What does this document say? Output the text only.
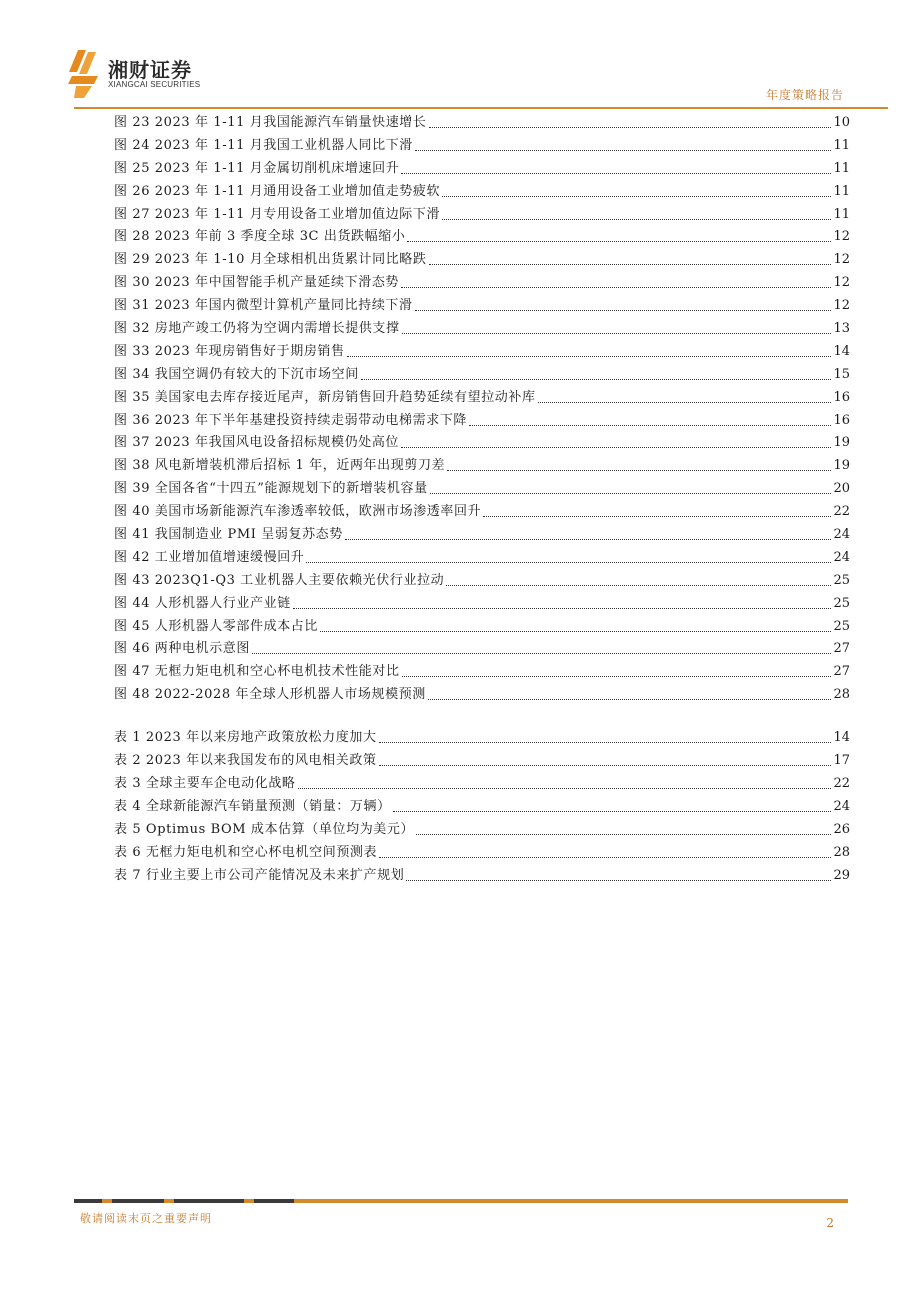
湘财证券
XIANGCAI SECURITIES
年度策略报告
图 23 2023 年 1-11 月我国能源汽车销量快速增长	10
图 24 2023 年 1-11 月我国工业机器人同比下滑	11
图 25 2023 年 1-11 月金属切削机床增速回升	11
图 26 2023 年 1-11 月通用设备工业增加值走势疲软	11
图 27 2023 年 1-11 月专用设备工业增加值边际下滑	11
图 28 2023 年前 3 季度全球 3C 出货跌幅缩小	12
图 29 2023 年 1-10 月全球相机出货累计同比略跌	12
图 30 2023 年中国智能手机产量延续下滑态势	12
图 31 2023 年国内微型计算机产量同比持续下滑	12
图 32 房地产竣工仍将为空调内需增长提供支撑	13
图 33 2023 年现房销售好于期房销售	14
图 34 我国空调仍有较大的下沉市场空间	15
图 35 美国家电去库存接近尾声，新房销售回升趋势延续有望拉动补库	16
图 36 2023 年下半年基建投资持续走弱带动电梯需求下降	16
图 37 2023 年我国风电设备招标规模仍处高位	19
图 38 风电新增装机滞后招标 1 年，近两年出现剪刀差	19
图 39 全国各省“十四五”能源规划下的新增装机容量	20
图 40 美国市场新能源汽车渗透率较低，欧洲市场渗透率回升	22
图 41 我国制造业 PMI 呈弱复苏态势	24
图 42 工业增加值增速缓慢回升	24
图 43 2023Q1-Q3 工业机器人主要依赖光伏行业拉动	25
图 44 人形机器人行业产业链	25
图 45 人形机器人零部件成本占比	25
图 46 两种电机示意图	27
图 47 无框力矩电机和空心杯电机技术性能对比	27
图 48 2022-2028 年全球人形机器人市场规模预测	28
表 1 2023 年以来房地产政策放松力度加大	14
表 2 2023 年以来我国发布的风电相关政策	17
表 3 全球主要车企电动化战略	22
表 4 全球新能源汽车销量预测（销量：万辆）	24
表 5 Optimus BOM 成本估算（单位均为美元）	26
表 6 无框力矩电机和空心杯电机空间预测表	28
表 7 行业主要上市公司产能情况及未来扩产规划	29
敬请阅读末页之重要声明	2
